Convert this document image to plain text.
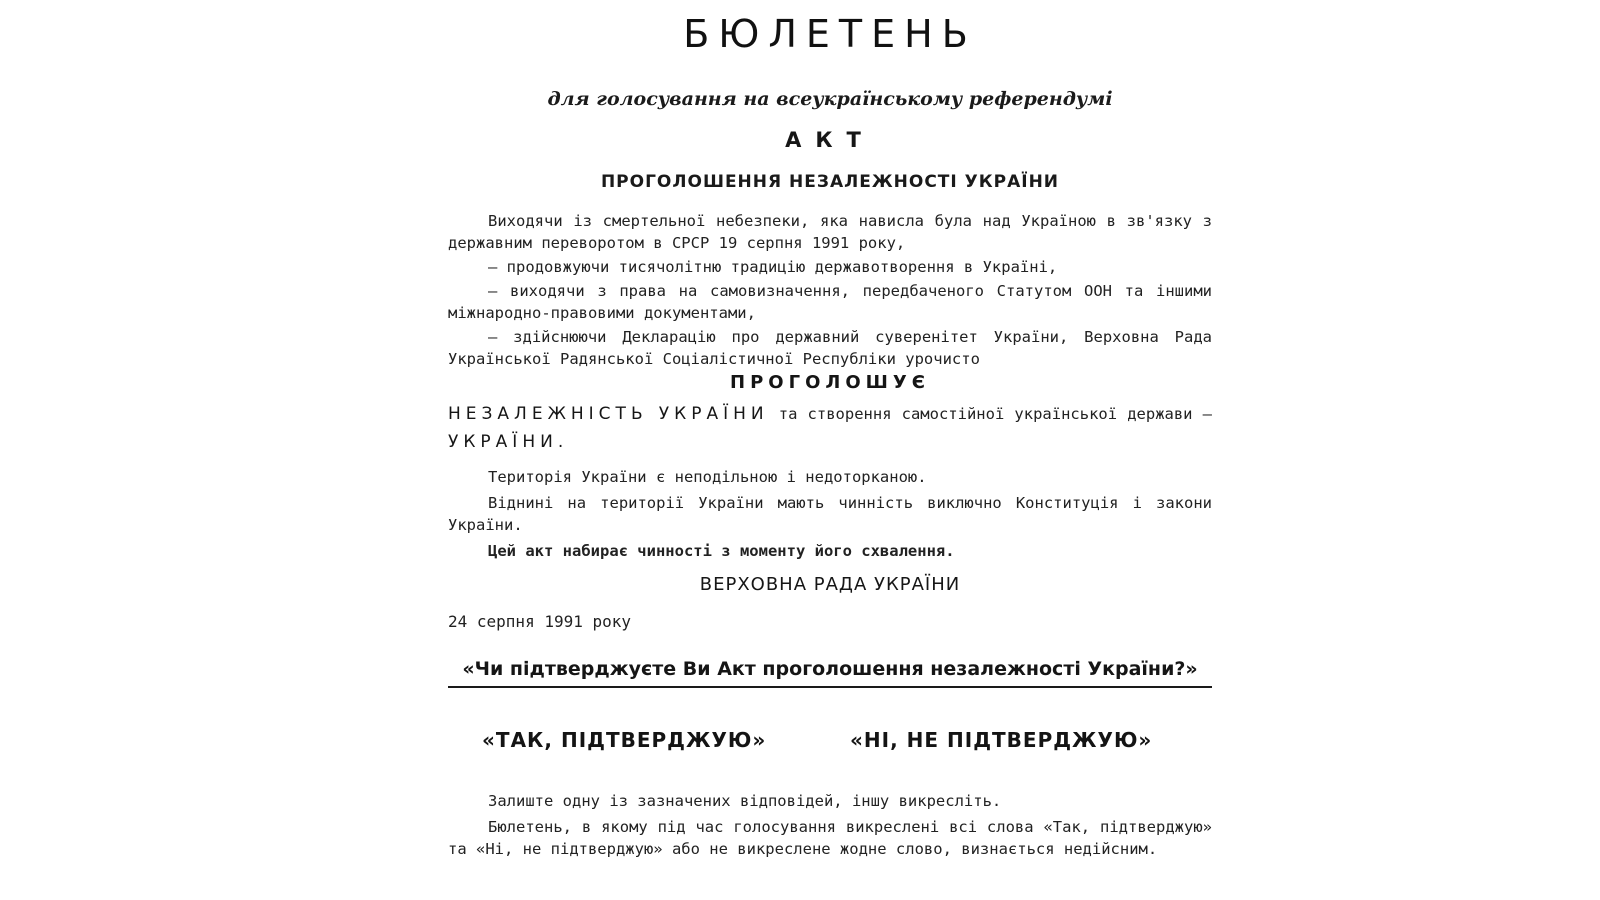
БЮЛЕТЕНЬ
для голосування на всеукраїнському референдумі
АКТ
ПРОГОЛОШЕННЯ НЕЗАЛЕЖНОСТІ УКРАЇНИ

Виходячи із смертельної небезпеки, яка нависла була над Україною в зв'язку з державним переворотом в СРСР 19 серпня 1991 року,

— продовжуючи тисячолітню традицію державотворення в Україні,

— виходячи з права на самовизначення, передбаченого Статутом ООН та іншими міжнародно-правовими документами,

— здійснюючи Декларацію про державний суверенітет України, Верховна Рада Української Радянської Соціалістичної Республіки урочисто

ПРОГОЛОШУЄ

НЕЗАЛЕЖНІСТЬ УКРАЇНИ та створення самостійної української держави — УКРАЇНИ.

Територія України є неподільною і недоторканою.

Віднині на території України мають чинність виключно Конституція і закони України.

Цей акт набирає чинності з моменту його схвалення.

ВЕРХОВНА РАДА УКРАЇНИ
24 серпня 1991 року
«Чи підтверджуєте Ви Акт проголошення незалежності України?»
«ТАК, ПІДТВЕРДЖУЮ»	«НІ, НЕ ПІДТВЕРДЖУЮ»

Залиште одну із зазначених відповідей, іншу викресліть.

Бюлетень, в якому під час голосування викреслені всі слова «Так, підтверджую» та «Ні, не підтверджую» або не викреслене жодне слово, визнається недійсним.
